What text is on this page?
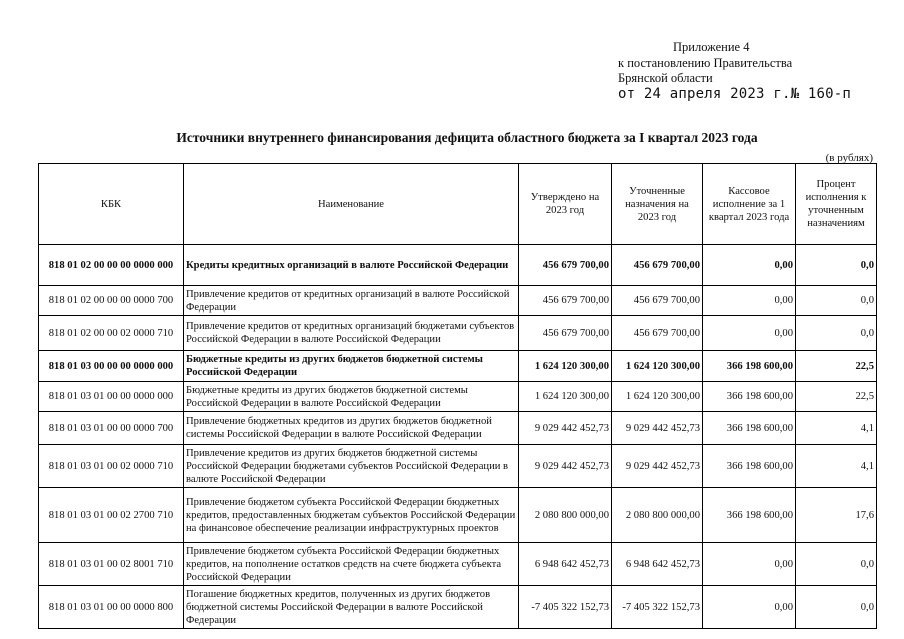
Приложение 4
к постановлению Правительства
Брянской области
от 24 апреля 2023 г.№ 160-п
Источники внутреннего финансирования дефицита областного бюджета за I квартал 2023 года
(в рублях)
КБК	Наименование	Утверждено на 2023 год	Уточненные назначения на 2023 год	Кассовое исполнение за 1 квартал 2023 года	Процент исполнения к уточненным назначениям
818 01 02 00 00 00 0000 000	Кредиты кредитных организаций в валюте Российской Федерации	456 679 700,00	456 679 700,00	0,00	0,0
818 01 02 00 00 00 0000 700	Привлечение кредитов от кредитных организаций в валюте Российской Федерации	456 679 700,00	456 679 700,00	0,00	0,0
818 01 02 00 00 02 0000 710	Привлечение кредитов от кредитных организаций бюджетами субъектов Российской Федерации в валюте Российской Федерации	456 679 700,00	456 679 700,00	0,00	0,0
818 01 03 00 00 00 0000 000	Бюджетные кредиты из других бюджетов бюджетной системы Российской Федерации	1 624 120 300,00	1 624 120 300,00	366 198 600,00	22,5
818 01 03 01 00 00 0000 000	Бюджетные кредиты из других бюджетов бюджетной системы Российской Федерации в валюте Российской Федерации	1 624 120 300,00	1 624 120 300,00	366 198 600,00	22,5
818 01 03 01 00 00 0000 700	Привлечение бюджетных кредитов из других бюджетов бюджетной системы Российской Федерации в валюте Российской Федерации	9 029 442 452,73	9 029 442 452,73	366 198 600,00	4,1
818 01 03 01 00 02 0000 710	Привлечение кредитов из других бюджетов бюджетной системы Российской Федерации бюджетами субъектов Российской Федерации в валюте Российской Федерации	9 029 442 452,73	9 029 442 452,73	366 198 600,00	4,1
818 01 03 01 00 02 2700 710	Привлечение бюджетом субъекта Российской Федерации бюджетных кредитов, предоставленных бюджетам субъектов Российской Федерации на финансовое обеспечение реализации инфраструктурных проектов	2 080 800 000,00	2 080 800 000,00	366 198 600,00	17,6
818 01 03 01 00 02 8001 710	Привлечение бюджетом субъекта Российской Федерации бюджетных кредитов, на пополнение остатков средств на счете бюджета субъекта Российской Федерации	6 948 642 452,73	6 948 642 452,73	0,00	0,0
818 01 03 01 00 00 0000 800	Погашение бюджетных кредитов, полученных из других бюджетов бюджетной системы Российской Федерации в валюте Российской Федерации	-7 405 322 152,73	-7 405 322 152,73	0,00	0,0
